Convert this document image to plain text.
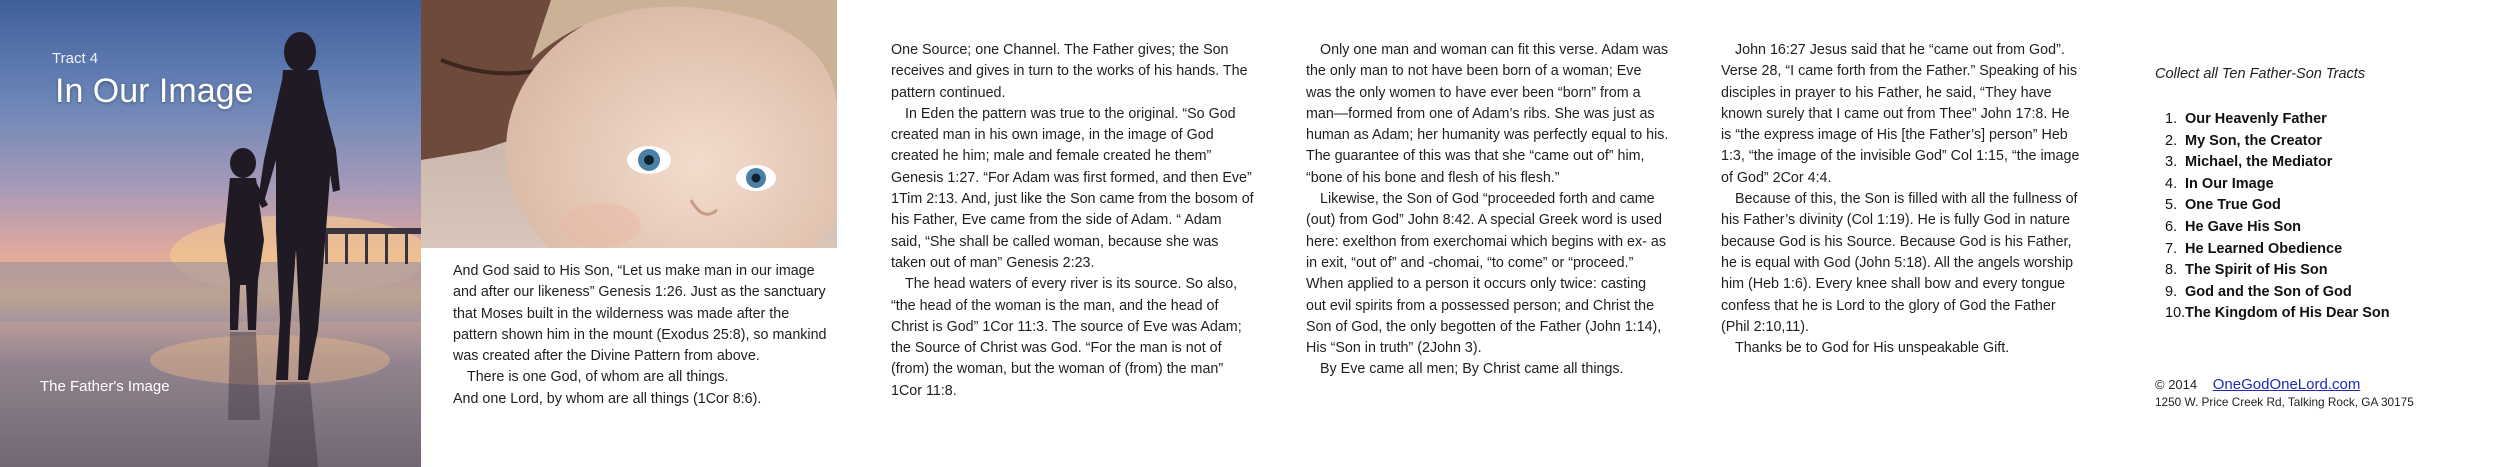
Tract 4
In Our Image
The Father's Image

And God said to His Son, “Let us make man in our image and after our likeness” Genesis 1:26. Just as the sanctuary that Moses built in the wilderness was made after the pattern shown him in the mount (Exodus 25:8), so mankind was created after the Divine Pattern from above.

There is one God, of whom are all things.

And one Lord, by whom are all things (1Cor 8:6).

One Source; one Channel. The Father gives; the Son receives and gives in turn to the works of his hands. The pattern continued.

In Eden the pattern was true to the original. “So God created man in his own image, in the image of God created he him; male and female created he them” Genesis 1:27. “For Adam was first formed, and then Eve” 1Tim 2:13. And, just like the Son came from the bosom of his Father, Eve came from the side of Adam. “ Adam said, “She shall be called woman, because she was taken out of man” Genesis 2:23.

The head waters of every river is its source. So also, “the head of the woman is the man, and the head of Christ is God” 1Cor 11:3. The source of Eve was Adam; the Source of Christ was God. “For the man is not of (from) the woman, but the woman of (from) the man” 1Cor 11:8.

Only one man and woman can fit this verse. Adam was the only man to not have been born of a woman; Eve was the only women to have ever been “born” from a man—formed from one of Adam’s ribs. She was just as human as Adam; her humanity was perfectly equal to his. The guarantee of this was that she “came out of” him, “bone of his bone and flesh of his flesh.”

Likewise, the Son of God “proceeded forth and came (out) from God” John 8:42. A special Greek word is used here: exelthon from exerchomai which begins with ex- as in exit, “out of” and -chomai, “to come” or “proceed.” When applied to a person it occurs only twice: casting out evil spirits from a possessed person; and Christ the Son of God, the only begotten of the Father (John 1:14), His “Son in truth” (2John 3).

By Eve came all men; By Christ came all things.

John 16:27 Jesus said that he “came out from God”. Verse 28, “I came forth from the Father.” Speaking of his disciples in prayer to his Father, he said, “They have known surely that I came out from Thee” John 17:8. He is “the express image of His [the Father’s] person” Heb 1:3, “the image of the invisible God” Col 1:15, “the image of God” 2Cor 4:4.

Because of this, the Son is filled with all the fullness of his Father’s divinity (Col 1:19). He is fully God in nature because God is his Source. Because God is his Father, he is equal with God (John 5:18). All the angels worship him (Heb 1:6). Every knee shall bow and every tongue confess that he is Lord to the glory of God the Father (Phil 2:10,11).

Thanks be to God for His unspeakable Gift.

Collect all Ten Father-Son Tracts
1. Our Heavenly Father
2. My Son, the Creator
3. Michael, the Mediator
4. In Our Image
5. One True God
6. He Gave His Son
7. He Learned Obedience
8. The Spirit of His Son
9. God and the Son of God
10.The Kingdom of His Dear Son
© 2014 OneGodOneLord.com
1250 W. Price Creek Rd, Talking Rock, GA 30175
